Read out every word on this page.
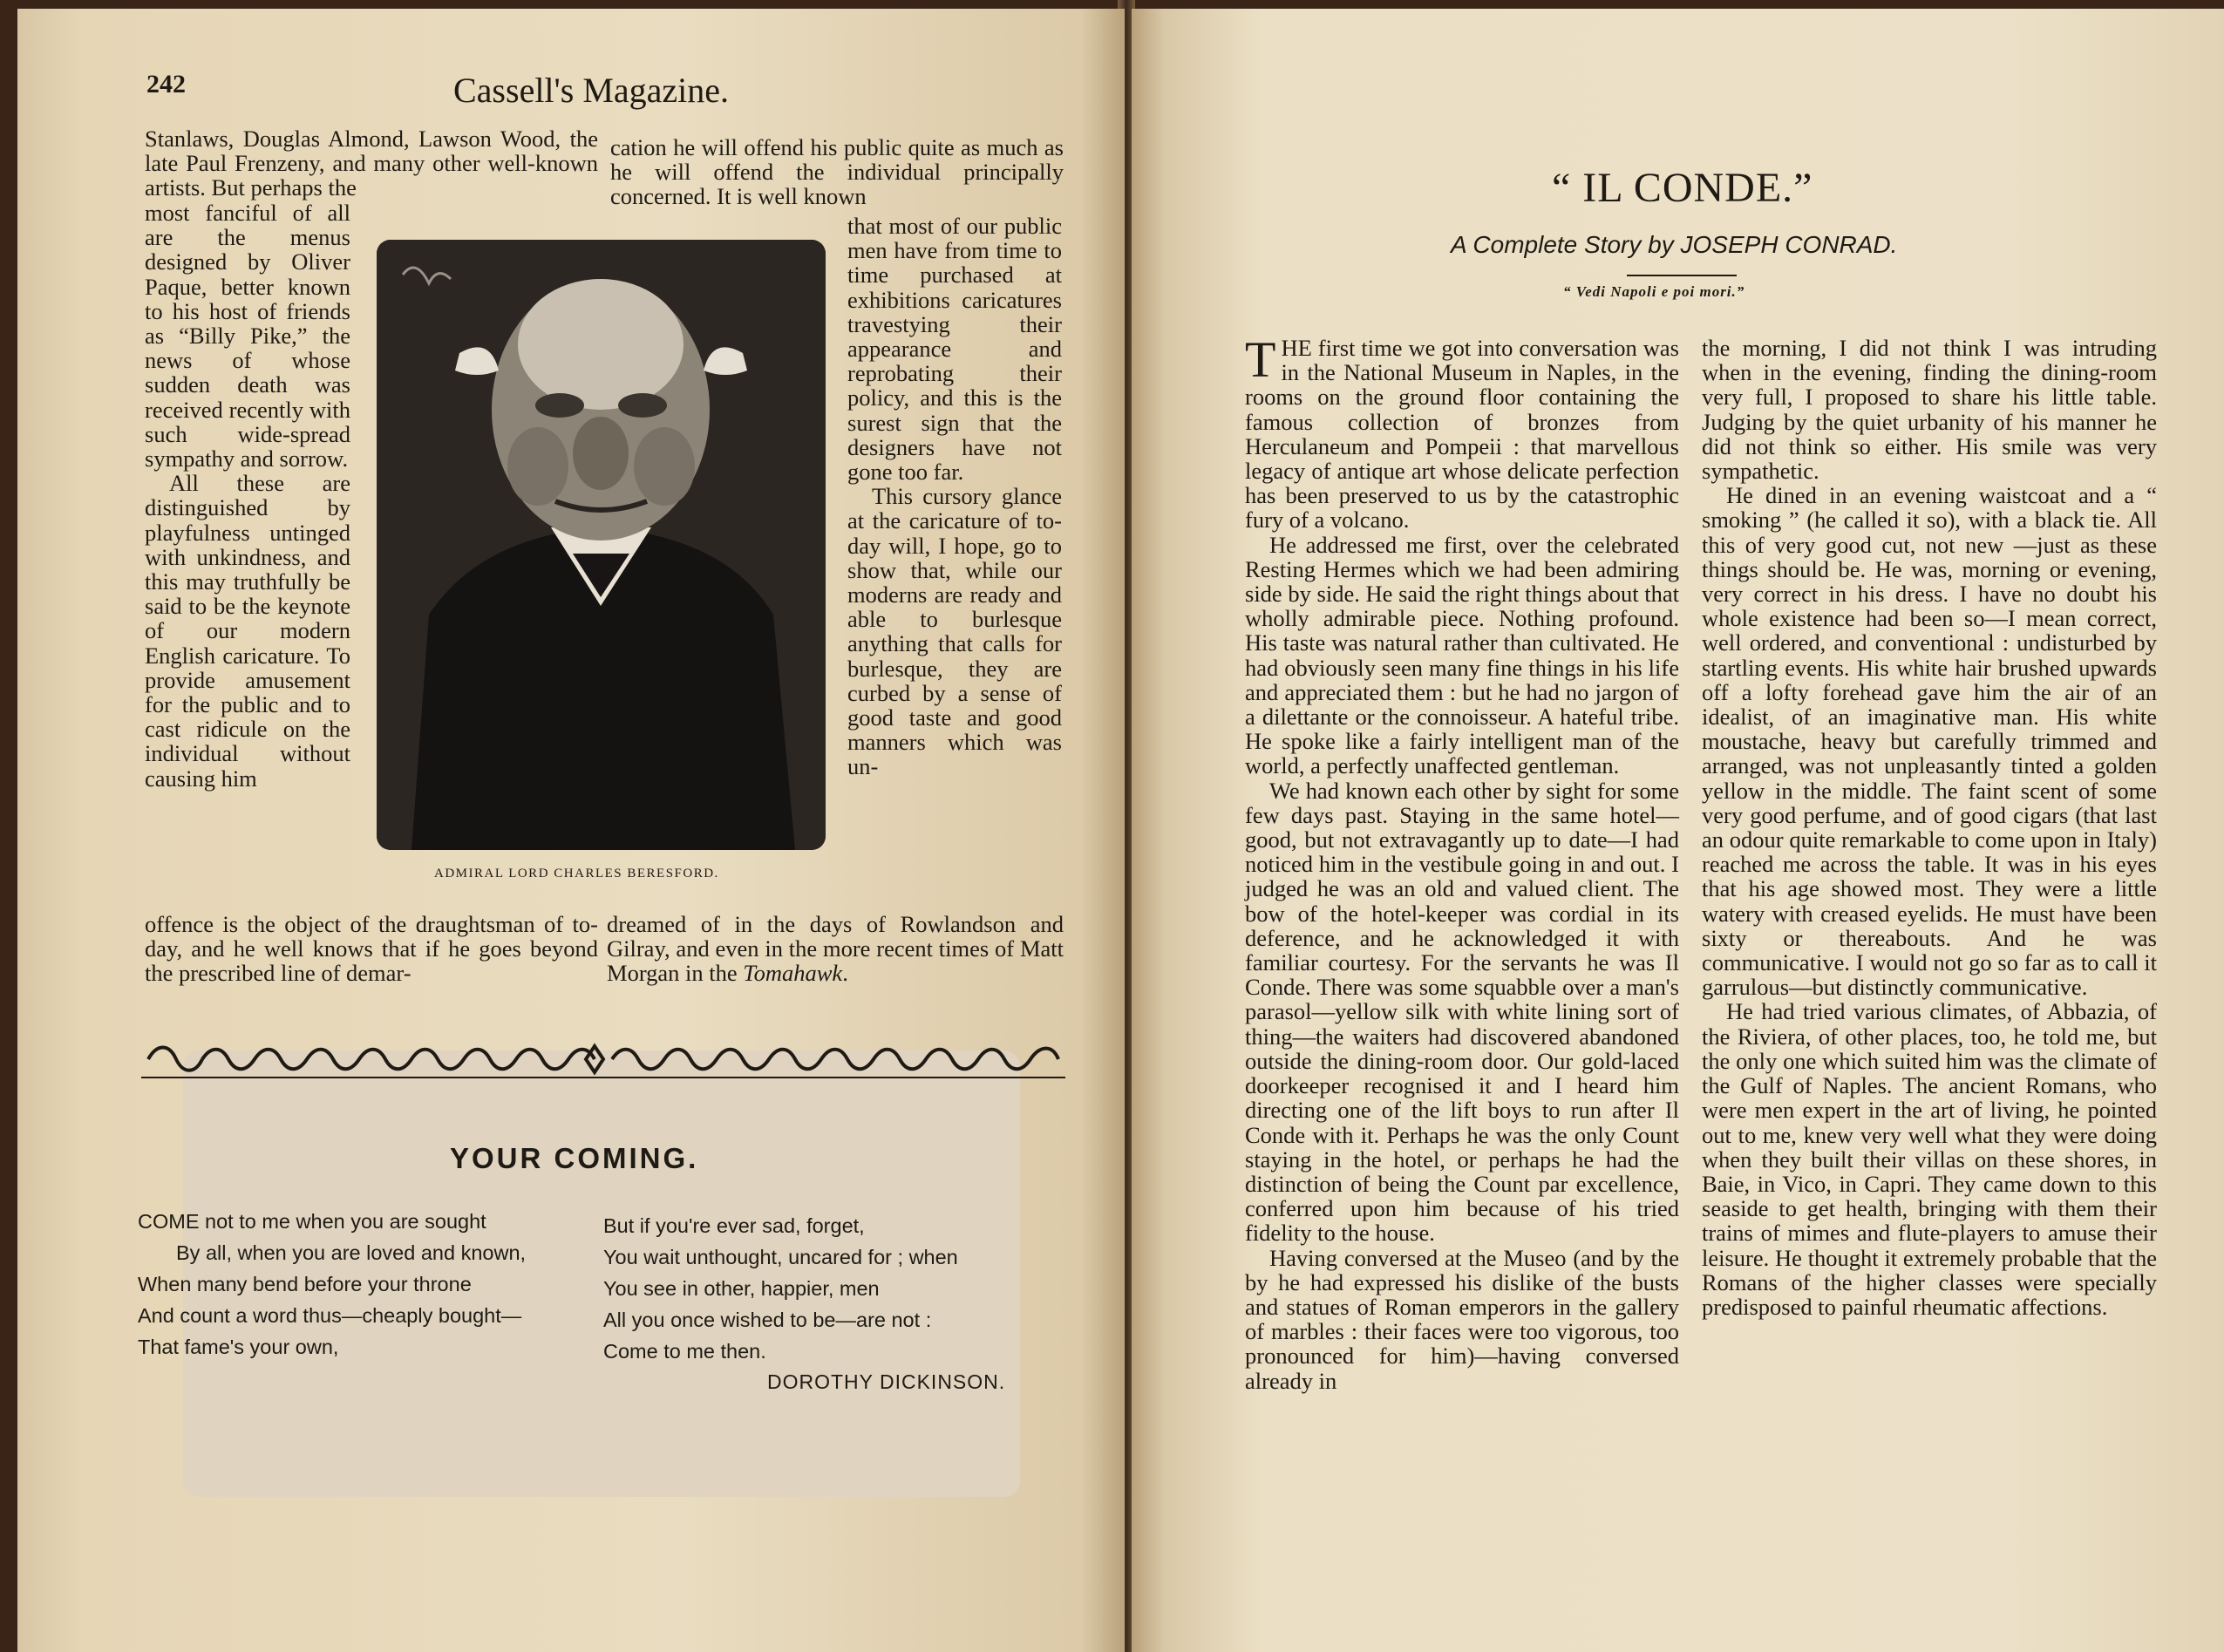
242	Cassell's Magazine.
Stanlaws, Douglas Almond, Lawson Wood, the late Paul Frenzeny, and many other well-known artists. But perhaps the

most fanciful of all are the menus designed by Oliver Paque, better known to his host of friends as “Billy Pike,” the news of whose sudden death was received recently with such wide-spread sympathy and sorrow.

All these are distinguished by playfulness untinged with unkindness, and this may truthfully be said to be the keynote of our modern English caricature. To provide amusement for the public and to cast ridicule on the individual without causing him

offence is the object of the draughtsman of to-day, and he well knows that if he goes beyond the prescribed line of demar-
cation he will offend his public quite as much as he will offend the individual principally concerned. It is well known

that most of our public men have from time to time purchased at exhibitions caricatures travestying their appearance and reprobating their policy, and this is the surest sign that the designers have not gone too far.

This cursory glance at the caricature of to-day will, I hope, go to show that, while our moderns are ready and able to burlesque anything that calls for burlesque, they are curbed by a sense of good taste and good manners which was un-

dreamed of in the days of Rowlandson and Gilray, and even in the more recent times of Matt Morgan in the Tomahawk.
ADMIRAL LORD CHARLES BERESFORD.
YOUR COMING.

COME not to me when you are sought

By all, when you are loved and known,

When many bend before your throne

And count a word thus—cheaply bought—

That fame's your own,

But if you're ever sad, forget,

You wait unthought, uncared for ; when

You see in other, happier, men

All you once wished to be—are not :

Come to me then.

DOROTHY DICKINSON.
“ IL CONDE.”
A Complete Story by JOSEPH CONRAD.
“ Vedi Napoli e poi mori.”

THE first time we got into conversation was in the National Museum in Naples, in the rooms on the ground floor containing the famous collection of bronzes from Herculaneum and Pompeii : that marvellous legacy of antique art whose delicate perfection has been preserved to us by the catastrophic fury of a volcano.

He addressed me first, over the celebrated Resting Hermes which we had been admiring side by side. He said the right things about that wholly admirable piece. Nothing profound. His taste was natural rather than cultivated. He had obviously seen many fine things in his life and appreciated them : but he had no jargon of a dilettante or the connoisseur. A hateful tribe. He spoke like a fairly intelligent man of the world, a perfectly unaffected gentleman.

We had known each other by sight for some few days past. Staying in the same hotel—good, but not extravagantly up to date—I had noticed him in the vestibule going in and out. I judged he was an old and valued client. The bow of the hotel-keeper was cordial in its deference, and he acknowledged it with familiar courtesy. For the servants he was Il Conde. There was some squabble over a man's parasol—yellow silk with white lining sort of thing—the waiters had discovered abandoned outside the dining-room door. Our gold-laced doorkeeper recognised it and I heard him directing one of the lift boys to run after Il Conde with it. Perhaps he was the only Count staying in the hotel, or perhaps he had the distinction of being the Count par excellence, conferred upon him because of his tried fidelity to the house.

Having conversed at the Museo (and by the by he had expressed his dislike of the busts and statues of Roman emperors in the gallery of marbles : their faces were too vigorous, too pronounced for him)—having conversed already in

the morning, I did not think I was intruding when in the evening, finding the dining-room very full, I proposed to share his little table. Judging by the quiet urbanity of his manner he did not think so either. His smile was very sympathetic.

He dined in an evening waistcoat and a “ smoking ” (he called it so), with a black tie. All this of very good cut, not new —just as these things should be. He was, morning or evening, very correct in his dress. I have no doubt his whole existence had been so—I mean correct, well ordered, and conventional : undisturbed by startling events. His white hair brushed upwards off a lofty forehead gave him the air of an idealist, of an imaginative man. His white moustache, heavy but carefully trimmed and arranged, was not unpleasantly tinted a golden yellow in the middle. The faint scent of some very good perfume, and of good cigars (that last an odour quite remarkable to come upon in Italy) reached me across the table. It was in his eyes that his age showed most. They were a little watery with creased eyelids. He must have been sixty or thereabouts. And he was communicative. I would not go so far as to call it garrulous—but distinctly communicative.

He had tried various climates, of Abbazia, of the Riviera, of other places, too, he told me, but the only one which suited him was the climate of the Gulf of Naples. The ancient Romans, who were men expert in the art of living, he pointed out to me, knew very well what they were doing when they built their villas on these shores, in Baie, in Vico, in Capri. They came down to this seaside to get health, bringing with them their trains of mimes and flute-players to amuse their leisure. He thought it extremely probable that the Romans of the higher classes were specially predisposed to painful rheumatic affections.
